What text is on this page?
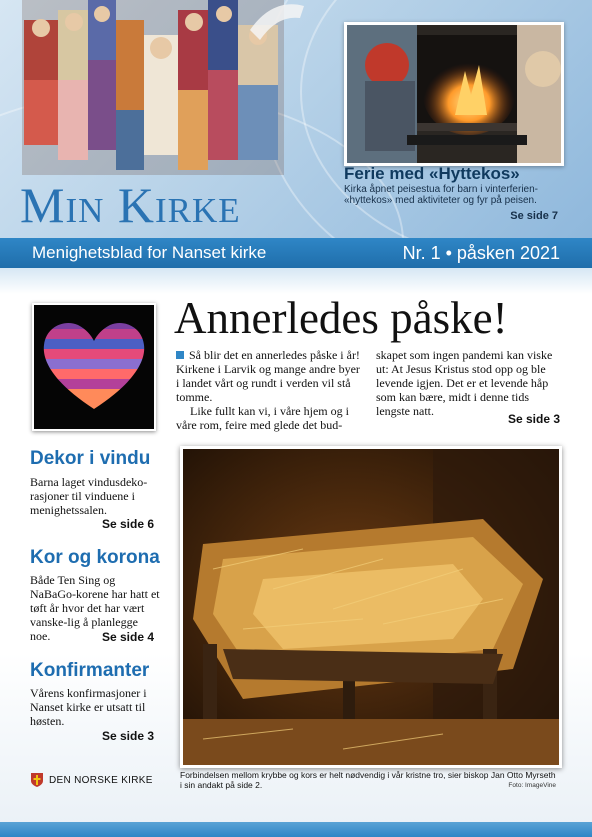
Min Kirke
Ferie med «Hyttekos»
Kirka åpnet peisestua for barn i vinterferien- «hyttekos» med aktiviteter og fyr på peisen.
Se side 7
Menighetsblad for Nanset kirke	Nr. 1 • påsken 2021
Annerledes påske!

Så blir det en annerledes påske i år! Kirkene i Larvik og mange andre byer i landet vårt og rundt i verden vil stå tomme.

Like fullt kan vi, i våre hjem og i våre rom, feire med glede det bud-

skapet som ingen pandemi kan viske ut: At Jesus Kristus stod opp og ble levende igjen. Det er et levende håp som kan bære, midt i denne tids lengste natt.

Se side 3
Dekor i vindu

Barna laget vindusdeko-rasjoner til vinduene i menighetssalen.

Se side 6
Kor og korona

Både Ten Sing og NaBaGo-korene har hatt et tøft år hvor det har vært vanske-lig å planlegge noe.	Se side 4
Konfirmanter

Vårens konfirmasjoner i Nanset kirke er utsatt til høsten.

Se side 3
Forbindelsen mellom krybbe og kors er helt nødvendig i vår kristne tro, sier biskop Jan Otto Myrseth i sin andakt på side 2.	Foto: ImageVine
DEN NORSKE KIRKE
